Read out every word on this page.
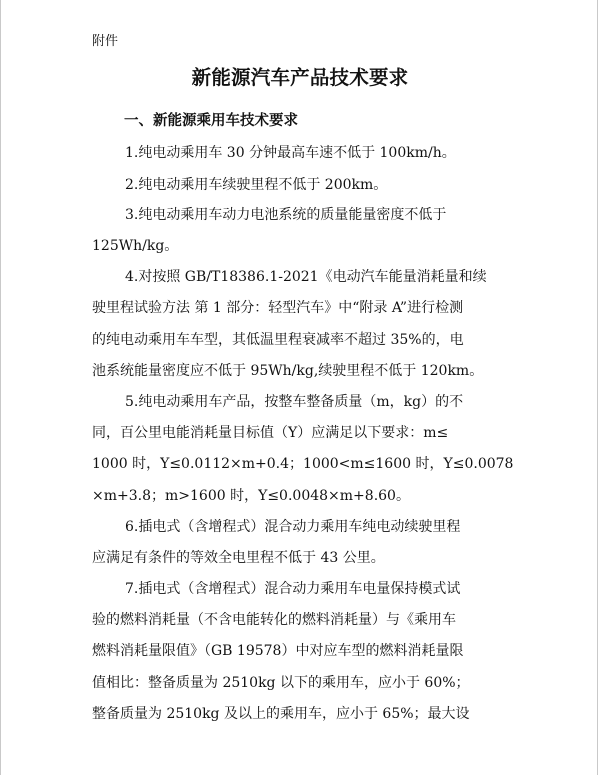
附件
新能源汽车产品技术要求
一、新能源乘用车技术要求
1.纯电动乘用车 30 分钟最高车速不低于 100km/h。
2.纯电动乘用车续驶里程不低于 200km。
3.纯电动乘用车动力电池系统的质量能量密度不低于
125Wh/kg。
4.对按照 GB/T18386.1-2021《电动汽车能量消耗量和续
驶里程试验方法 第 1 部分：轻型汽车》中“附录 A”进行检测
的纯电动乘用车车型，其低温里程衰减率不超过 35%的，电
池系统能量密度应不低于 95Wh/kg,续驶里程不低于 120km。
5.纯电动乘用车产品，按整车整备质量（m，kg）的不
同，百公里电能消耗量目标值（Y）应满足以下要求：m≤
1000 时，Y≤0.0112×m+0.4；1000<m≤1600 时，Y≤0.0078
×m+3.8；m>1600 时，Y≤0.0048×m+8.60。
6.插电式（含增程式）混合动力乘用车纯电动续驶里程
应满足有条件的等效全电里程不低于 43 公里。
7.插电式（含增程式）混合动力乘用车电量保持模式试
验的燃料消耗量（不含电能转化的燃料消耗量）与《乘用车
燃料消耗量限值》（GB 19578）中对应车型的燃料消耗量限
值相比：整备质量为 2510kg 以下的乘用车，应小于 60%；
整备质量为 2510kg 及以上的乘用车，应小于 65%；最大设
